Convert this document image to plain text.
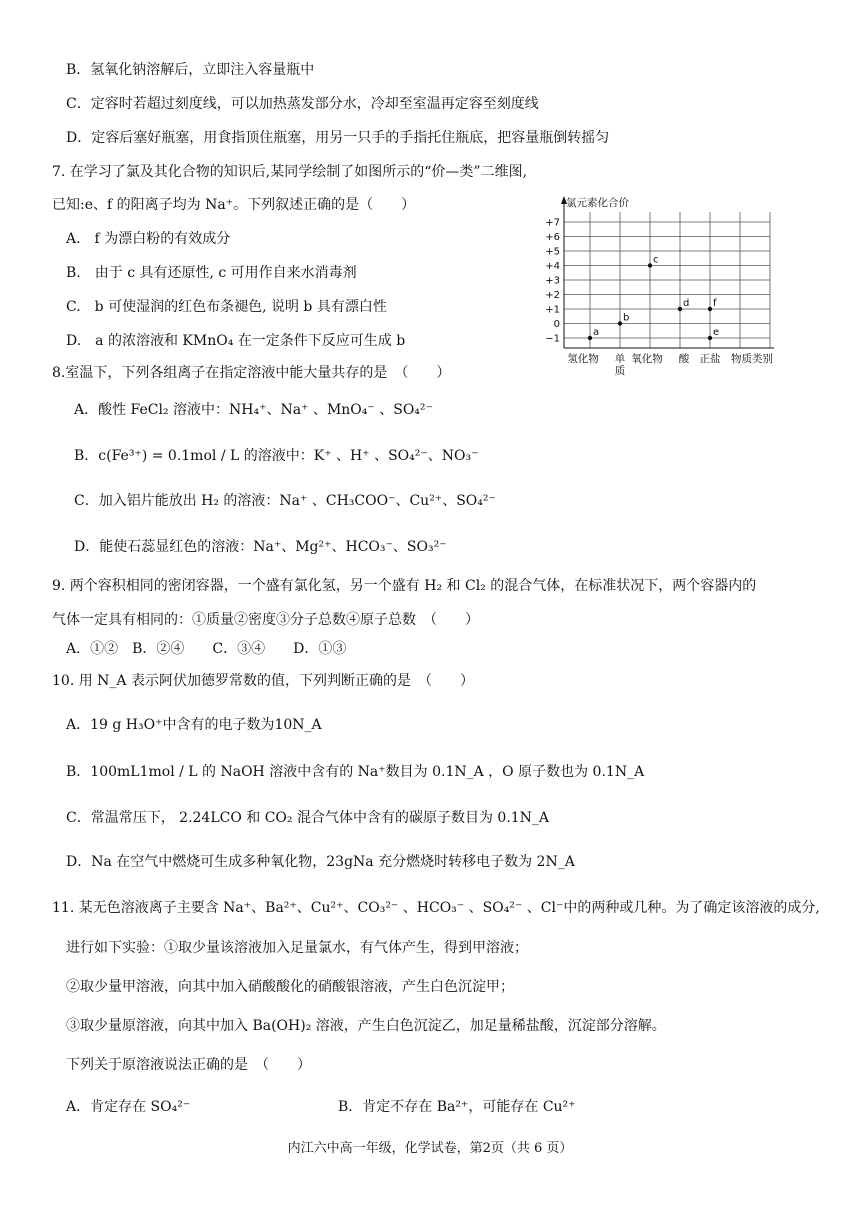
B．氢氧化钠溶解后，立即注入容量瓶中
C．定容时若超过刻度线，可以加热蒸发部分水，冷却至室温再定容至刻度线
D．定容后塞好瓶塞，用食指顶住瓶塞，用另一只手的手指托住瓶底，把容量瓶倒转摇匀
7. 在学习了氯及其化合物的知识后,某同学绘制了如图所示的“价—类”二维图,
已知:e、f 的阳离子均为 Na⁺。下列叙述正确的是（　　）
A.　f 为漂白粉的有效成分
B.　由于 c 具有还原性, c 可用作自来水消毒剂
C.　b 可使湿润的红色布条褪色, 说明 b 具有漂白性
D.　a 的浓溶液和 KMnO₄ 在一定条件下反应可生成 b
氯元素化合价
+7
+6
+5
+4
+3
+2
+1
0
−1
氢化物 单
质
氧化物 酸 正盐 物质类别
a
b
c
d f
e
8.室温下，下列各组离子在指定溶液中能大量共存的是　（　　）
A．酸性 FeCl₂ 溶液中：NH₄⁺、Na⁺ 、MnO₄⁻ 、SO₄²⁻
B．c(Fe³⁺) = 0.1mol / L 的溶液中：K⁺ 、H⁺ 、SO₄²⁻、NO₃⁻
C．加入铝片能放出 H₂ 的溶液：Na⁺ 、CH₃COO⁻、Cu²⁺、SO₄²⁻
D．能使石蕊显红色的溶液：Na⁺、Mg²⁺、HCO₃⁻、SO₃²⁻
9. 两个容积相同的密闭容器，一个盛有氯化氢，另一个盛有 H₂ 和 Cl₂ 的混合气体，在标准状况下，两个容器内的
气体一定具有相同的：①质量②密度③分子总数④原子总数　（　　）
A．①②　B．②④　　C．③④　　D．①③
10. 用 N_A 表示阿伏加德罗常数的值，下列判断正确的是　（　　）
A．19 g H₃O⁺中含有的电子数为10N_A
B．100mL1mol / L 的 NaOH 溶液中含有的 Na⁺数目为 0.1N_A ，O 原子数也为 0.1N_A
C．常温常压下， 2.24LCO 和 CO₂ 混合气体中含有的碳原子数目为 0.1N_A
D．Na 在空气中燃烧可生成多种氧化物，23gNa 充分燃烧时转移电子数为 2N_A
11. 某无色溶液离子主要含 Na⁺、Ba²⁺、Cu²⁺、CO₃²⁻ 、HCO₃⁻ 、SO₄²⁻ 、Cl⁻中的两种或几种。为了确定该溶液的成分,
进行如下实验：①取少量该溶液加入足量氯水，有气体产生，得到甲溶液；
②取少量甲溶液，向其中加入硝酸酸化的硝酸银溶液，产生白色沉淀甲；
③取少量原溶液，向其中加入 Ba(OH)₂ 溶液，产生白色沉淀乙，加足量稀盐酸，沉淀部分溶解。
下列关于原溶液说法正确的是　（　　）
A．肯定存在 SO₄²⁻	B．肯定不存在 Ba²⁺，可能存在 Cu²⁺
内江六中高一年级，化学试卷，第2页（共 6 页）
